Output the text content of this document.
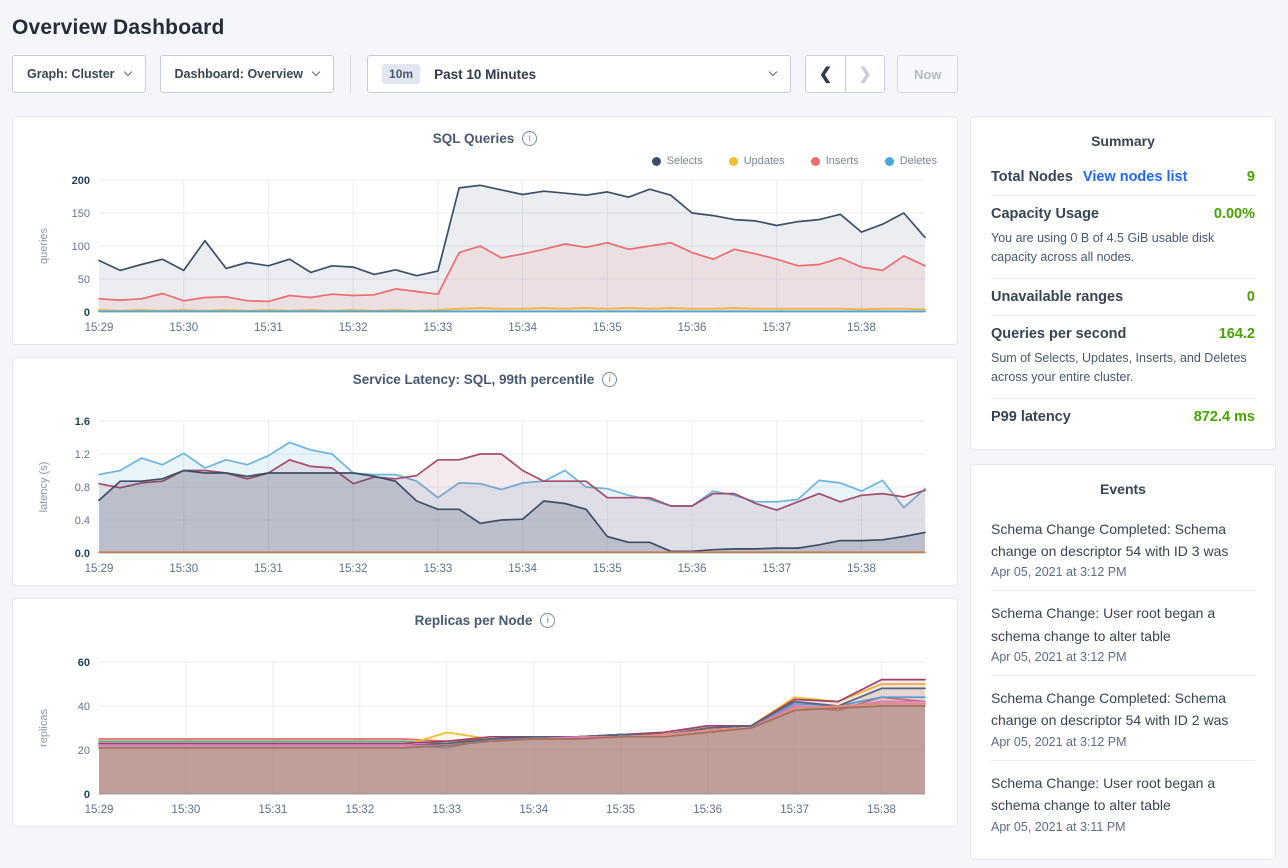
Overview Dashboard
Graph: Cluster	Dashboard: Overview	10m	Past 10 Minutes	❮	❯	Now
SQL Queries	i
Selects	Updates	Inserts	Deletes
15:29	15:30	15:31	15:32	15:33	15:34	15:35	15:36	15:37	15:38
0
50
100
150
200
queries
Service Latency: SQL, 99th percentile	i
15:29	15:30	15:31	15:32	15:33	15:34	15:35	15:36	15:37	15:38
0.0
0.4
0.8
1.2
1.6
latency (s)
Replicas per Node	i
15:29	15:30	15:31	15:32	15:33	15:34	15:35	15:36	15:37	15:38
0
20
40
60
replicas
Summary
Total Nodes View nodes list	9
Capacity Usage	0.00%
You are using 0 B of 4.5 GiB usable disk capacity across all nodes.
Unavailable ranges	0
Queries per second	164.2
Sum of Selects, Updates, Inserts, and Deletes across your entire cluster.
P99 latency	872.4 ms
Events
Schema Change Completed: Schema change on descriptor 54 with ID 3 was
Apr 05, 2021 at 3:12 PM
Schema Change: User root began a schema change to alter table
Apr 05, 2021 at 3:12 PM
Schema Change Completed: Schema change on descriptor 54 with ID 2 was
Apr 05, 2021 at 3:12 PM
Schema Change: User root began a schema change to alter table
Apr 05, 2021 at 3:11 PM
